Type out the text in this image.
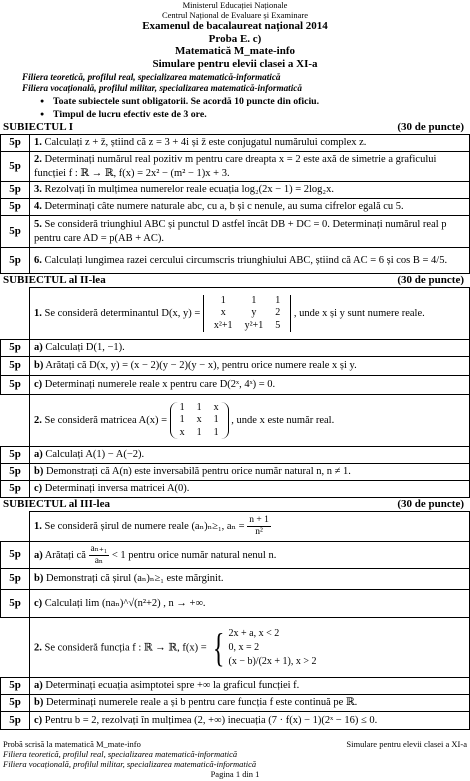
Ministerul Educației Naționale
Centrul Național de Evaluare și Examinare
Examenul de bacalaureat național 2014
Proba E. c)
Matematică M_mate-info
Simulare pentru elevii clasei a XI-a
Filiera teoretică, profilul real, specializarea matematică-informatică
Filiera vocațională, profilul militar, specializarea matematică-informatică
● Toate subiectele sunt obligatorii. Se acordă 10 puncte din oficiu.
● Timpul de lucru efectiv este de 3 ore.
SUBIECTUL I	(30 de puncte)
5p	1. Calculați z + z̄, știind că z = 3 + 4i și z̄ este conjugatul numărului complex z.
5p	2. Determinați numărul real pozitiv m pentru care dreapta x = 2 este axă de simetrie a graficului funcției f : ℝ → ℝ, f(x) = 2x² − (m² − 1)x + 3.
5p	3. Rezolvați în mulțimea numerelor reale ecuația log₂(2x − 1) = 2log₂x.
5p	4. Determinați câte numere naturale abc, cu a, b și c nenule, au suma cifrelor egală cu 5.
5p	5. Se consideră triunghiul ABC și punctul D astfel încât DB + DC = 0. Determinați numărul real p pentru care AD = p(AB + AC).
5p	6. Calculați lungimea razei cercului circumscris triunghiului ABC, știind că AC = 6 și cos B = 4/5.
SUBIECTUL al II-lea	(30 de puncte)
	1. Se consideră determinantul D(x, y) =
1	1	1
x	y	2
x²+1	y²+1	5
, unde x și y sunt numere reale.
5p	a) Calculați D(1, −1).
5p	b) Arătați că D(x, y) = (x − 2)(y − 2)(y − x), pentru orice numere reale x și y.
5p	c) Determinați numerele reale x pentru care D(2ˣ, 4ˣ) = 0.
	2. Se consideră matricea A(x) =
1	1	x
1	x	1
x	1	1
, unde x este număr real.
5p	a) Calculați A(1) − A(−2).
5p	b) Demonstrați că A(n) este inversabilă pentru orice număr natural n, n ≠ 1.
5p	c) Determinați inversa matricei A(0).
SUBIECTUL al III-lea	(30 de puncte)
	1. Se consideră șirul de numere reale (aₙ)ₙ≥₁, $a_n = \frac{n + 1}{\text{n²}}$

5p	a) Arătați că $\frac{\text{aₙ₊₁}}{\text{aₙ}} < 1$ pentru orice număr natural nenul n.
5p	b) Demonstrați că șirul (aₙ)ₙ≥₁ este mărginit.
5p	c) Calculați lim (naₙ)^√(n²+2) , n → +∞.
	2. Se consideră funcția f : ℝ → ℝ, f(x) = { 2x + a, x < 2
0, x = 2
(x − b)/(2x + 1), x > 2

5p	a) Determinați ecuația asimptotei spre +∞ la graficul funcției f.
5p	b) Determinați numerele reale a și b pentru care funcția f este continuă pe ℝ.
5p	c) Pentru b = 2, rezolvați în mulțimea (2, +∞) inecuația (7 · f(x) − 1)(2ˣ − 16) ≤ 0.
Probă scrisă la matematică M_mate-info	Simulare pentru elevii clasei a XI-a
Filiera teoretică, profilul real, specializarea matematică-informatică
Filiera vocațională, profilul militar, specializarea matematică-informatică
Pagina 1 din 1
